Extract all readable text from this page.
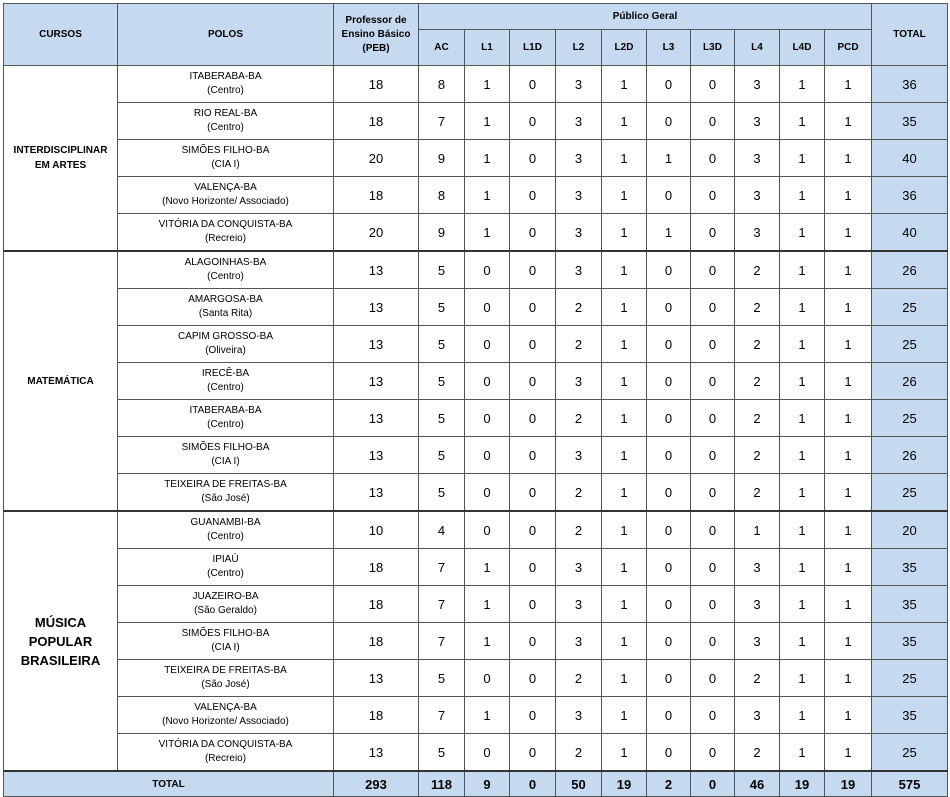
CURSOS	POLOS	Professor de
Ensino Básico
(PEB)	Público Geral										TOTAL
			AC	L1	L1D	L2	L2D	L3	L3D	L4	L4D	PCD	
INTERDISCIPLINAR EM ARTES	ITABERABA-BA
(Centro)	18	8	1	0	3	1	0	0	3	1	1	36

	RIO REAL-BA
(Centro)	18	7	1	0	3	1	0	0	3	1	1	35

	SIMÕES FILHO-BA
(CIA I)	20	9	1	0	3	1	1	0	3	1	1	40

	VALENÇA-BA
(Novo Horizonte/ Associado)	18	8	1	0	3	1	0	0	3	1	1	36

	VITÓRIA DA CONQUISTA-BA
(Recreio)	20	9	1	0	3	1	1	0	3	1	1	40
MATEMÁTICA	ALAGOINHAS-BA
(Centro)	13	5	0	0	3	1	0	0	2	1	1	26

	AMARGOSA-BA
(Santa Rita)	13	5	0	0	2	1	0	0	2	1	1	25

	CAPIM GROSSO-BA
(Oliveira)	13	5	0	0	2	1	0	0	2	1	1	25

	IRECÊ-BA
(Centro)	13	5	0	0	3	1	0	0	2	1	1	26

	ITABERABA-BA
(Centro)	13	5	0	0	2	1	0	0	2	1	1	25

	SIMÕES FILHO-BA
(CIA I)	13	5	0	0	3	1	0	0	2	1	1	26

	TEIXEIRA DE FREITAS-BA
(São José)	13	5	0	0	2	1	0	0	2	1	1	25
MÚSICA POPULAR BRASILEIRA	GUANAMBI-BA
(Centro)	10	4	0	0	2	1	0	0	1	1	1	20

	IPIAÚ
(Centro)	18	7	1	0	3	1	0	0	3	1	1	35

	JUAZEIRO-BA
(São Geraldo)	18	7	1	0	3	1	0	0	3	1	1	35

	SIMÕES FILHO-BA
(CIA I)	18	7	1	0	3	1	0	0	3	1	1	35

	TEIXEIRA DE FREITAS-BA
(São José)	13	5	0	0	2	1	0	0	2	1	1	25

	VALENÇA-BA
(Novo Horizonte/ Associado)	18	7	1	0	3	1	0	0	3	1	1	35

	VITÓRIA DA CONQUISTA-BA
(Recreio)	13	5	0	0	2	1	0	0	2	1	1	25
TOTAL		293	118	9	0	50	19	2	0	46	19	19	575
